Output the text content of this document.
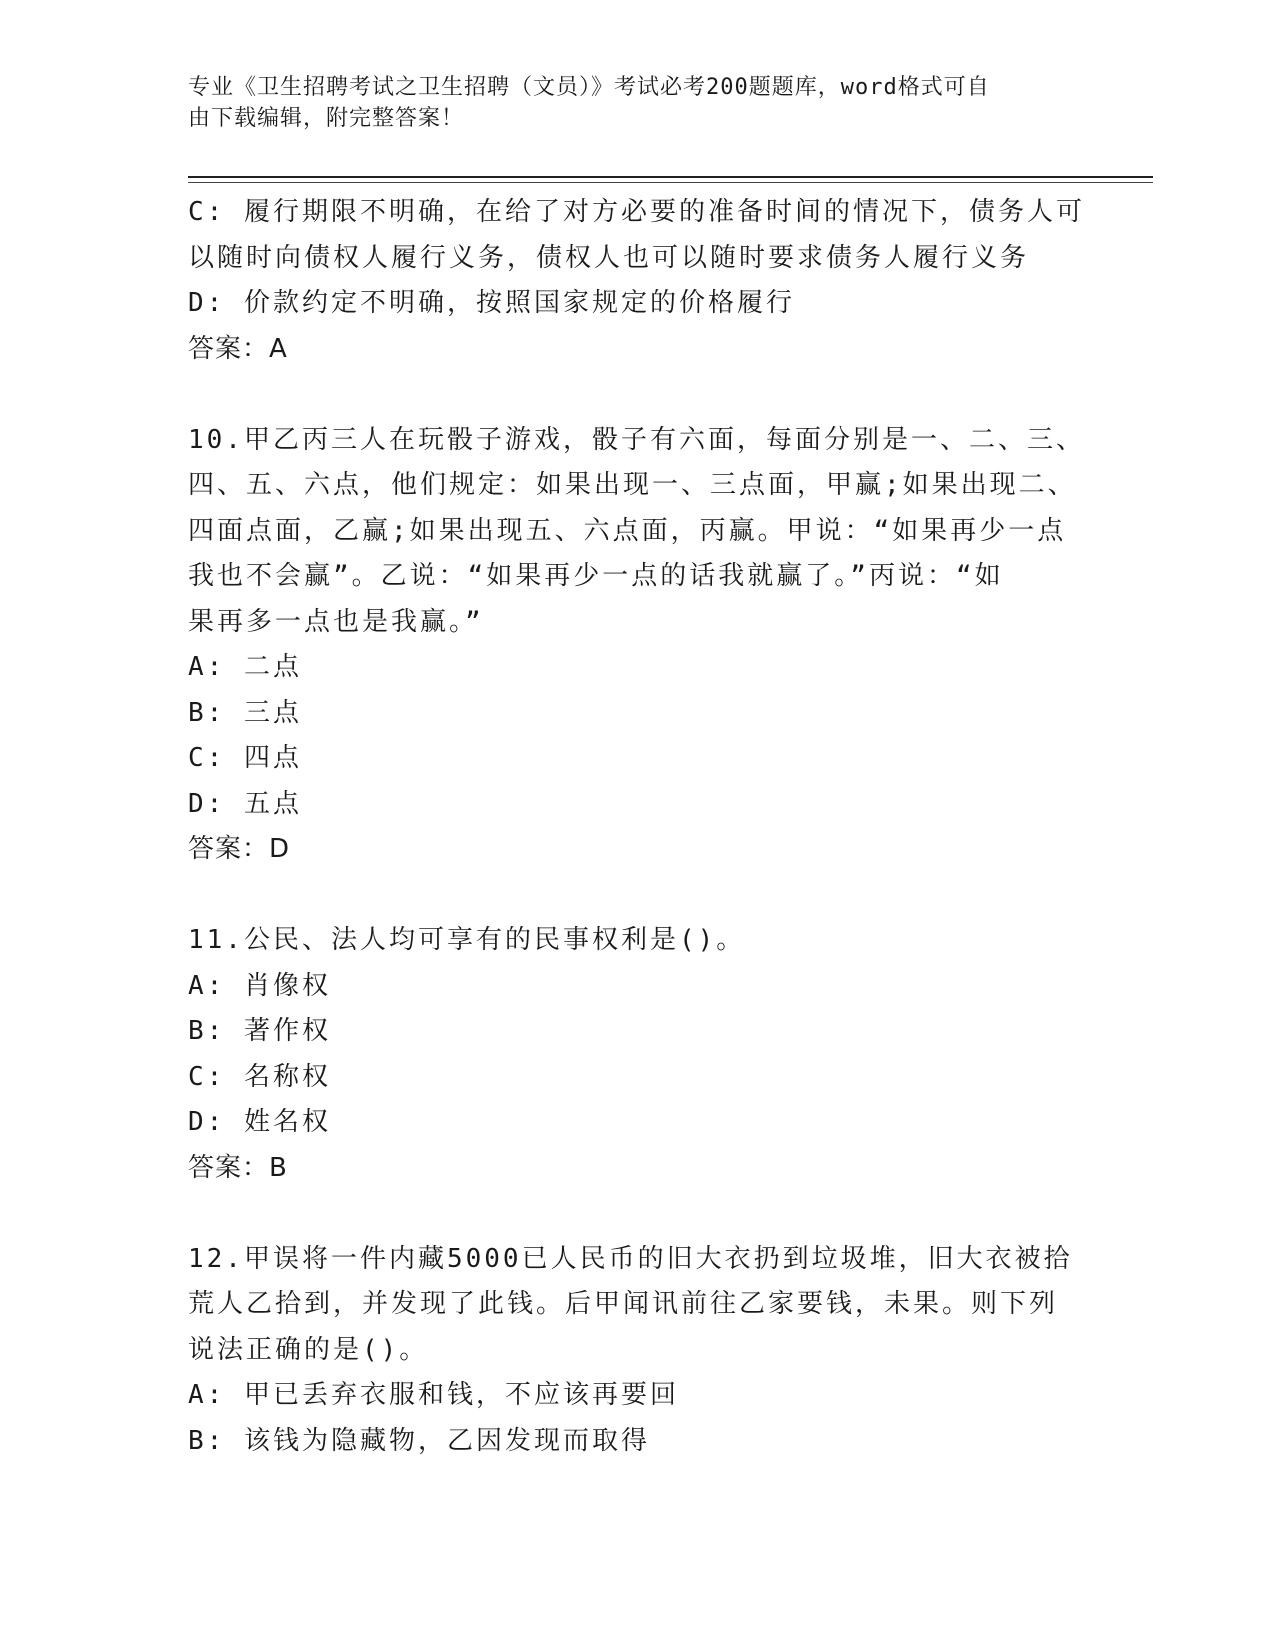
专业《卫生招聘考试之卫生招聘（文员）》考试必考200题题库，word格式可自
由下载编辑，附完整答案！
C: 履行期限不明确，在给了对方必要的准备时间的情况下，债务人可
以随时向债权人履行义务，债权人也可以随时要求债务人履行义务
D: 价款约定不明确，按照国家规定的价格履行
答案：A
10.甲乙丙三人在玩骰子游戏，骰子有六面，每面分别是一、二、三、
四、五、六点，他们规定：如果出现一、三点面，甲赢;如果出现二、
四面点面，乙赢;如果出现五、六点面，丙赢。甲说：“如果再少一点
我也不会赢”。乙说：“如果再少一点的话我就赢了。”丙说：“如
果再多一点也是我赢。”
A: 二点
B: 三点
C: 四点
D: 五点
答案：D
11.公民、法人均可享有的民事权利是()。
A: 肖像权
B: 著作权
C: 名称权
D: 姓名权
答案：B
12.甲误将一件内藏5000已人民币的旧大衣扔到垃圾堆，旧大衣被拾
荒人乙拾到，并发现了此钱。后甲闻讯前往乙家要钱，未果。则下列
说法正确的是()。
A: 甲已丢弃衣服和钱，不应该再要回
B: 该钱为隐藏物，乙因发现而取得
